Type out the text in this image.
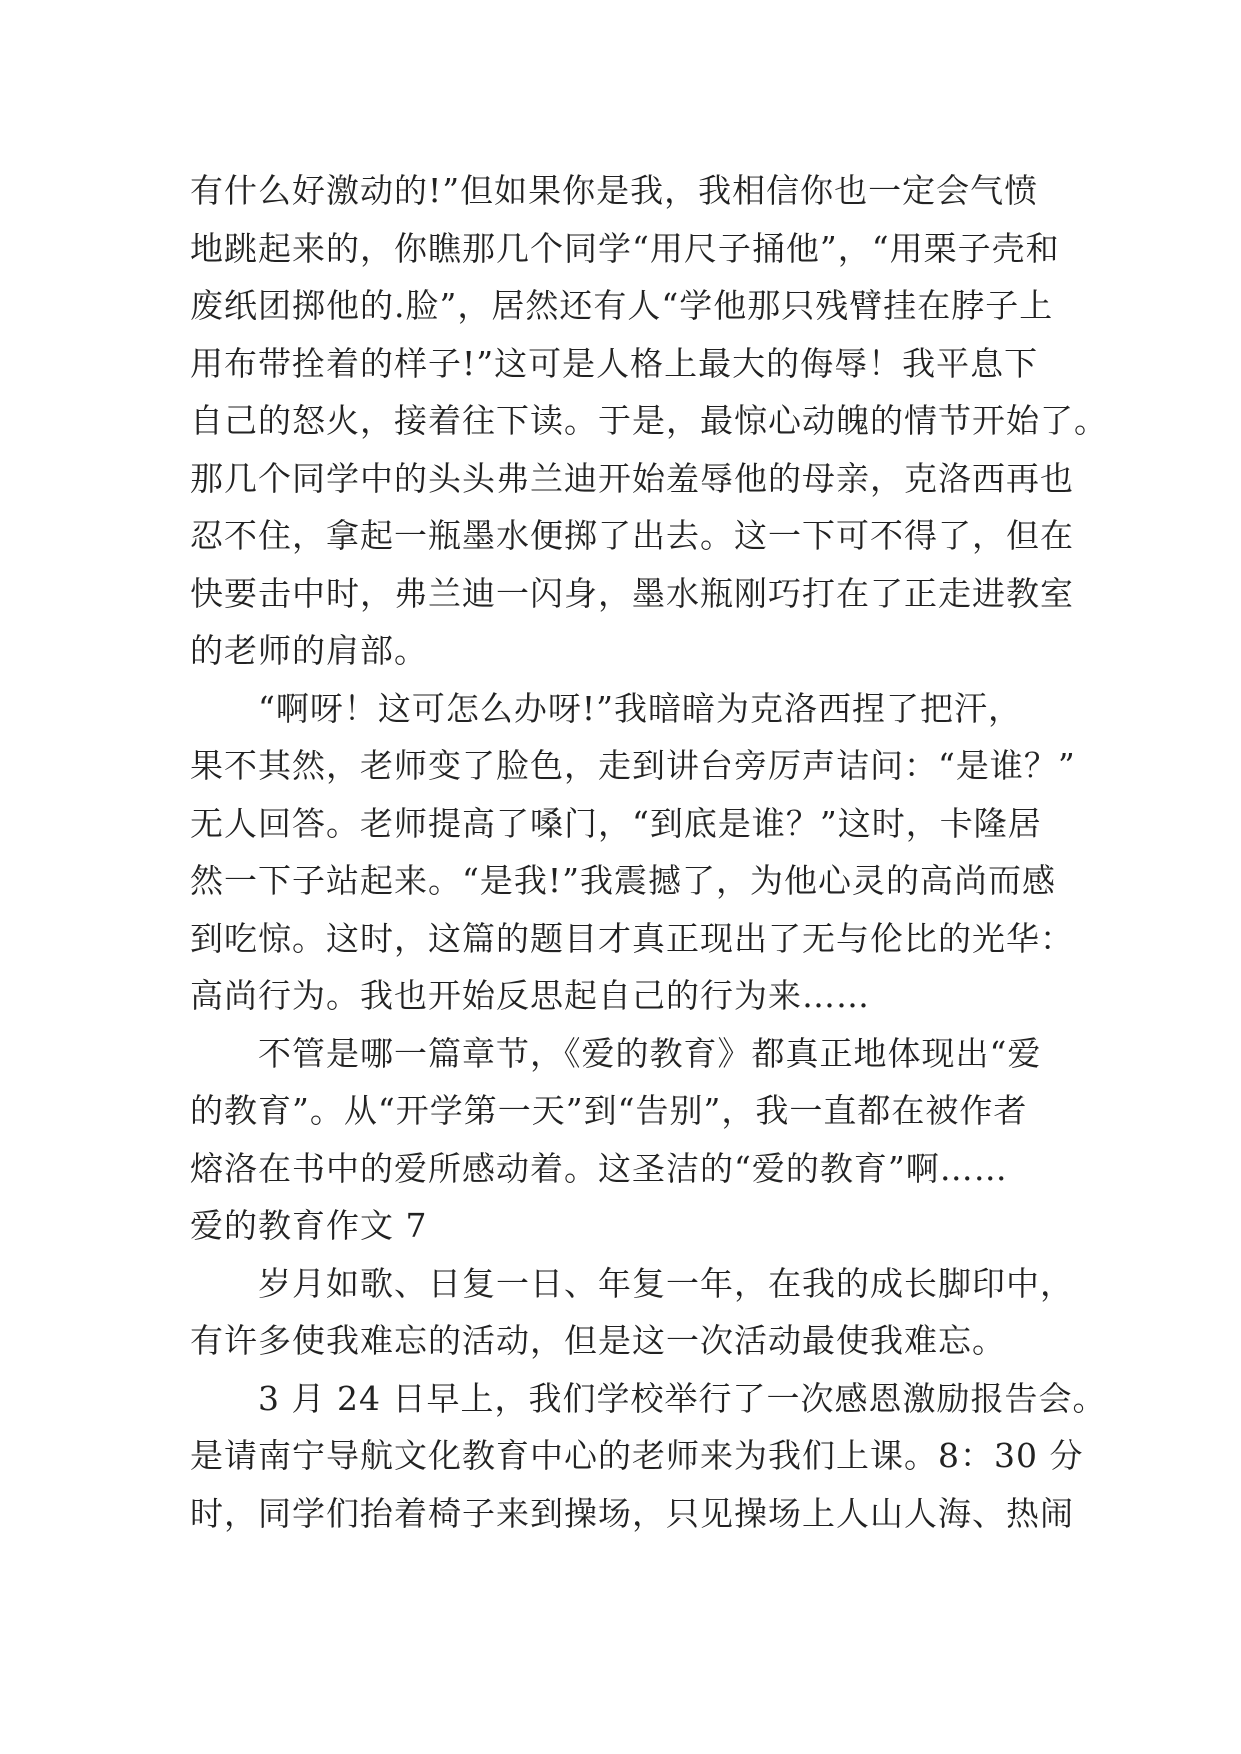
有什么好激动的!”但如果你是我，我相信你也一定会气愤
地跳起来的，你瞧那几个同学“用尺子捅他”，“用栗子壳和
废纸团掷他的.脸”，居然还有人“学他那只残臂挂在脖子上
用布带拴着的样子!”这可是人格上最大的侮辱！我平息下
自己的怒火，接着往下读。于是，最惊心动魄的情节开始了。
那几个同学中的头头弗兰迪开始羞辱他的母亲，克洛西再也
忍不住，拿起一瓶墨水便掷了出去。这一下可不得了，但在
快要击中时，弗兰迪一闪身，墨水瓶刚巧打在了正走进教室
的老师的肩部。
“啊呀！这可怎么办呀!”我暗暗为克洛西捏了把汗，
果不其然，老师变了脸色，走到讲台旁厉声诘问：“是谁？”
无人回答。老师提高了嗓门，“到底是谁？”这时，卡隆居
然一下子站起来。“是我!”我震撼了，为他心灵的高尚而感
到吃惊。这时，这篇的题目才真正现出了无与伦比的光华：
高尚行为。我也开始反思起自己的行为来……
不管是哪一篇章节，《爱的教育》都真正地体现出“爱
的教育”。从“开学第一天”到“告别”，我一直都在被作者
熔洛在书中的爱所感动着。这圣洁的“爱的教育”啊……
爱的教育作文 7
岁月如歌、日复一日、年复一年，在我的成长脚印中，
有许多使我难忘的活动，但是这一次活动最使我难忘。
3 月 24 日早上，我们学校举行了一次感恩激励报告会。
是请南宁导航文化教育中心的老师来为我们上课。8：30 分
时，同学们抬着椅子来到操场，只见操场上人山人海、热闹
